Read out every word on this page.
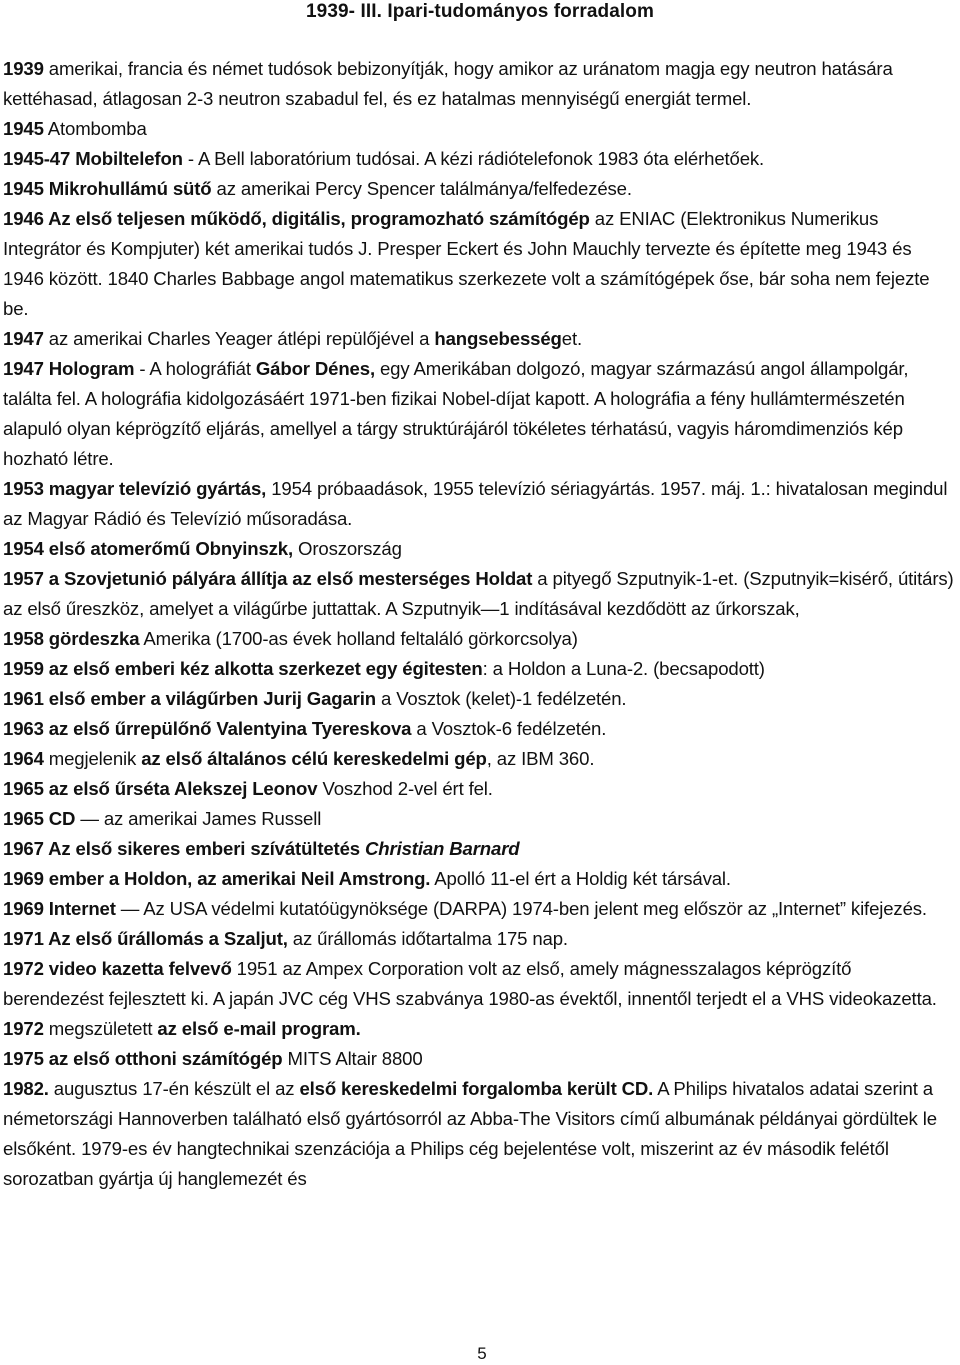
1939- III. Ipari-tudományos forradalom

1939 amerikai, francia és német tudósok bebizonyítják, hogy amikor az uránatom magja egy neutron hatására kettéhasad, átlagosan 2-3 neutron szabadul fel, és ez hatalmas mennyiségű energiát termel.

1945 Atombomba

1945-47 Mobiltelefon - A Bell laboratórium tudósai. A kézi rádiótelefonok 1983 óta elérhetőek.

1945 Mikrohullámú sütő az amerikai Percy Spencer találmánya/felfedezése.

1946 Az első teljesen működő, digitális, programozható számítógép az ENIAC (Elektronikus Numerikus Integrátor és Kompjuter) két amerikai tudós J. Presper Eckert és John Mauchly tervezte és építette meg 1943 és 1946 között. 1840 Charles Babbage angol matematikus szerkezete volt a számítógépek őse, bár soha nem fejezte be.

1947 az amerikai Charles Yeager átlépi repülőjével a hangsebességet.

1947 Hologram - A holográfiát Gábor Dénes, egy Amerikában dolgozó, magyar származású angol állampolgár, találta fel. A holográfia kidolgozásáért 1971-ben fizikai Nobel-díjat kapott. A holográfia a fény hullámtermészetén alapuló olyan képrögzítő eljárás, amellyel a tárgy struktúrájáról tökéletes térhatású, vagyis háromdimenziós kép hozható létre.

1953 magyar televízió gyártás, 1954 próbaadások, 1955 televízió sériagyártás. 1957. máj. 1.: hivatalosan megindul az Magyar Rádió és Televízió műsoradása.

1954 első atomerőmű Obnyinszk, Oroszország

1957 a Szovjetunió pályára állítja az első mesterséges Holdat a pityegő Szputnyik-1-et. (Szputnyik=kisérő, útitárs) az első űreszköz, amelyet a világűrbe juttattak. A Szputnyik—1 indításával kezdődött az űrkorszak,

1958 gördeszka Amerika (1700-as évek holland feltaláló görkorcsolya)

1959 az első emberi kéz alkotta szerkezet egy égitesten: a Holdon a Luna-2. (becsapodott)

1961 első ember a világűrben Jurij Gagarin a Vosztok (kelet)-1 fedélzetén.

1963 az első űrrepülőnő Valentyina Tyereskova a Vosztok-6 fedélzetén.

1964 megjelenik az első általános célú kereskedelmi gép, az IBM 360.

1965 az első űrséta Alekszej Leonov Voszhod 2-vel ért fel.

1965 CD — az amerikai James Russell

1967 Az első sikeres emberi szívátültetés Christian Barnard

1969 ember a Holdon, az amerikai Neil Amstrong. Apolló 11-el ért a Holdig két társával.

1969 Internet — Az USA védelmi kutatóügynöksége (DARPA) 1974-ben jelent meg először az „Internet” kifejezés.

1971 Az első űrállomás a Szaljut, az űrállomás időtartalma 175 nap.

1972 video kazetta felvevő 1951 az Ampex Corporation volt az első, amely mágnesszalagos képrögzítő berendezést fejlesztett ki. A japán JVC cég VHS szabványa 1980-as évektől, innentől terjedt el a VHS videokazetta.

1972 megszületett az első e-mail program.

1975 az első otthoni számítógép MITS Altair 8800

1982. augusztus 17-én készült el az első kereskedelmi forgalomba került CD. A Philips hivatalos adatai szerint a németországi Hannoverben található első gyártósorról az Abba-The Visitors című albumának példányai gördültek le elsőként. 1979-es év hangtechnikai szenzációja a Philips cég bejelentése volt, miszerint az év második felétől sorozatban gyártja új hanglemezét és

5
